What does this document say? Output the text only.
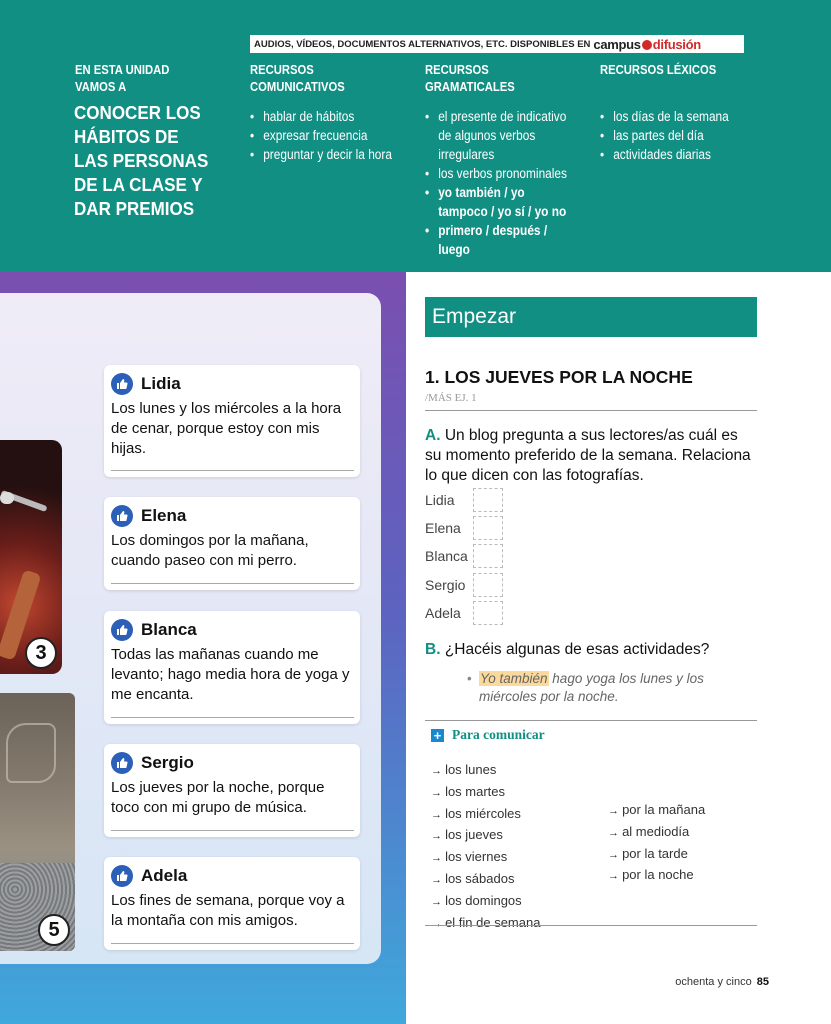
AUDIOS, VÍDEOS, DOCUMENTOS ALTERNATIVOS, ETC. DISPONIBLES EN campus difusión
EN ESTA UNIDAD VAMOS A
CONOCER LOS HÁBITOS DE LAS PERSONAS DE LA CLASE Y DAR PREMIOS
RECURSOS COMUNICATIVOS
• hablar de hábitos
• expresar frecuencia
• preguntar y decir la hora
RECURSOS GRAMATICALES
• el presente de indicativo de algunos verbos irregulares
• los verbos pronominales
• yo también / yo tampoco / yo sí / yo no
• primero / después / luego
RECURSOS LÉXICOS
• los días de la semana
• las partes del día
• actividades diarias
3
5
Lidia
Los lunes y los miércoles a la hora de cenar, porque estoy con mis hijas.
Elena
Los domingos por la mañana, cuando paseo con mi perro.
Blanca
Todas las mañanas cuando me levanto; hago media hora de yoga y me encanta.
Sergio
Los jueves por la noche, porque toco con mi grupo de música.
Adela
Los fines de semana, porque voy a la montaña con mis amigos.
Empezar
1. LOS JUEVES POR LA NOCHE
/MÁS EJ. 1
A. Un blog pregunta a sus lectores/as cuál es su momento preferido de la semana. Relaciona lo que dicen con las fotografías.
Lidia
Elena
Blanca
Sergio
Adela
B. ¿Hacéis algunas de esas actividades?
• Yo también hago yoga los lunes y los miércoles por la noche.
+ Para comunicar
→ los lunes
→ los martes
→ los miércoles
→ los jueves
→ los viernes
→ los sábados
→ los domingos
→ el fin de semana
→ por la mañana
→ al mediodía
→ por la tarde
→ por la noche
ochenta y cinco 85
